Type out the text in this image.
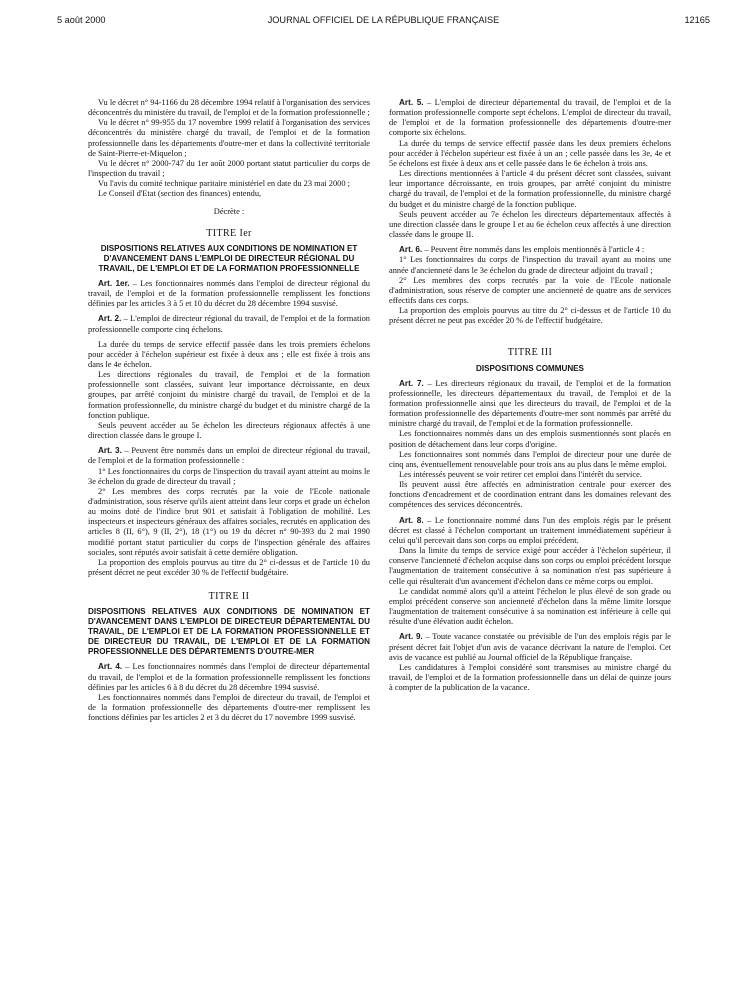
5 août 2000	JOURNAL OFFICIEL DE LA RÉPUBLIQUE FRANÇAISE	12165

Vu le décret n° 94-1166 du 28 décembre 1994 relatif à l'organisation des services déconcentrés du ministère du travail, de l'emploi et de la formation professionnelle ;

Vu le décret n° 99-955 du 17 novembre 1999 relatif à l'organisation des services déconcentrés du ministère chargé du travail, de l'emploi et de la formation professionnelle dans les départements d'outre-mer et dans la collectivité territoriale de Saint-Pierre-et-Miquelon ;

Vu le décret n° 2000-747 du 1er août 2000 portant statut particulier du corps de l'inspection du travail ;

Vu l'avis du comité technique paritaire ministériel en date du 23 mai 2000 ;

Le Conseil d'Etat (section des finances) entendu,

Décrète :

TITRE Ier
DISPOSITIONS RELATIVES AUX CONDITIONS DE NOMINATION ET D'AVANCEMENT DANS L'EMPLOI DE DIRECTEUR RÉGIONAL DU TRAVAIL, DE L'EMPLOI ET DE LA FORMATION PROFESSIONNELLE

Art. 1er. – Les fonctionnaires nommés dans l'emploi de directeur régional du travail, de l'emploi et de la formation professionnelle remplissent les fonctions définies par les articles 3 à 5 et 10 du décret du 28 décembre 1994 susvisé.

Art. 2. – L'emploi de directeur régional du travail, de l'emploi et de la formation professionnelle comporte cinq échelons.

La durée du temps de service effectif passée dans les trois premiers échelons pour accéder à l'échelon supérieur est fixée à deux ans ; elle est fixée à trois ans dans le 4e échelon.

Les directions régionales du travail, de l'emploi et de la formation professionnelle sont classées, suivant leur importance décroissante, en deux groupes, par arrêté conjoint du ministre chargé du travail, de l'emploi et de la formation professionnelle, du ministre chargé du budget et du ministre chargé de la fonction publique.

Seuls peuvent accéder au 5e échelon les directeurs régionaux affectés à une direction classée dans le groupe I.

Art. 3. – Peuvent être nommés dans un emploi de directeur régional du travail, de l'emploi et de la formation professionnelle :

1° Les fonctionnaires du corps de l'inspection du travail ayant atteint au moins le 3e échelon du grade de directeur du travail ;

2° Les membres des corps recrutés par la voie de l'Ecole nationale d'administration, sous réserve qu'ils aient atteint dans leur corps et grade un échelon au moins doté de l'indice brut 901 et satisfait à l'obligation de mobilité. Les inspecteurs et inspecteurs généraux des affaires sociales, recrutés en application des articles 8 (II, 6°), 9 (II, 2°), 18 (1°) ou 19 du décret n° 90-393 du 2 mai 1990 modifié portant statut particulier du corps de l'inspection générale des affaires sociales, sont réputés avoir satisfait à cette dernière obligation.

La proportion des emplois pourvus au titre du 2° ci-dessus et de l'article 10 du présent décret ne peut excéder 30 % de l'effectif budgétaire.

TITRE II
DISPOSITIONS RELATIVES AUX CONDITIONS DE NOMINATION ET D'AVANCEMENT DANS L'EMPLOI DE DIRECTEUR DÉPARTEMENTAL DU TRAVAIL, DE L'EMPLOI ET DE LA FORMATION PROFESSIONNELLE ET DE DIRECTEUR DU TRAVAIL, DE L'EMPLOI ET DE LA FORMATION PROFESSIONNELLE DES DÉPARTEMENTS D'OUTRE-MER

Art. 4. – Les fonctionnaires nommés dans l'emploi de directeur départemental du travail, de l'emploi et de la formation professionnelle remplissent les fonctions définies par les articles 6 à 8 du décret du 28 décembre 1994 susvisé.

Les fonctionnaires nommés dans l'emploi de directeur du travail, de l'emploi et de la formation professionnelle des départements d'outre-mer remplissent les fonctions définies par les articles 2 et 3 du décret du 17 novembre 1999 susvisé.

Art. 5. – L'emploi de directeur départemental du travail, de l'emploi et de la formation professionnelle comporte sept échelons. L'emploi de directeur du travail, de l'emploi et de la formation professionnelle des départements d'outre-mer comporte six échelons.

La durée du temps de service effectif passée dans les deux premiers échelons pour accéder à l'échelon supérieur est fixée à un an ; celle passée dans les 3e, 4e et 5e échelons est fixée à deux ans et celle passée dans le 6e échelon à trois ans.

Les directions mentionnées à l'article 4 du présent décret sont classées, suivant leur importance décroissante, en trois groupes, par arrêté conjoint du ministre chargé du travail, de l'emploi et de la formation professionnelle, du ministre chargé du budget et du ministre chargé de la fonction publique.

Seuls peuvent accéder au 7e échelon les directeurs départementaux affectés à une direction classée dans le groupe I et au 6e échelon ceux affectés à une direction classée dans le groupe II.

Art. 6. – Peuvent être nommés dans les emplois mentionnés à l'article 4 :

1° Les fonctionnaires du corps de l'inspection du travail ayant au moins une année d'ancienneté dans le 3e échelon du grade de directeur adjoint du travail ;

2° Les membres des corps recrutés par la voie de l'Ecole nationale d'administration, sous réserve de compter une ancienneté de quatre ans de services effectifs dans ces corps.

La proportion des emplois pourvus au titre du 2° ci-dessus et de l'article 10 du présent décret ne peut pas excéder 20 % de l'effectif budgétaire.

TITRE III
DISPOSITIONS COMMUNES

Art. 7. – Les directeurs régionaux du travail, de l'emploi et de la formation professionnelle, les directeurs départementaux du travail, de l'emploi et de la formation professionnelle ainsi que les directeurs du travail, de l'emploi et de la formation professionnelle des départements d'outre-mer sont nommés par arrêté du ministre chargé du travail, de l'emploi et de la formation professionnelle.

Les fonctionnaires nommés dans un des emplois susmentionnés sont placés en position de détachement dans leur corps d'origine.

Les fonctionnaires sont nommés dans l'emploi de directeur pour une durée de cinq ans, éventuellement renouvelable pour trois ans au plus dans le même emploi.

Les intéressés peuvent se voir retirer cet emploi dans l'intérêt du service.

Ils peuvent aussi être affectés en administration centrale pour exercer des fonctions d'encadrement et de coordination entrant dans les domaines relevant des compétences des services déconcentrés.

Art. 8. – Le fonctionnaire nommé dans l'un des emplois régis par le présent décret est classé à l'échelon comportant un traitement immédiatement supérieur à celui qu'il percevait dans son corps ou emploi précédent.

Dans la limite du temps de service exigé pour accéder à l'échelon supérieur, il conserve l'ancienneté d'échelon acquise dans son corps ou emploi précédent lorsque l'augmentation de traitement consécutive à sa nomination n'est pas supérieure à celle qui résulterait d'un avancement d'échelon dans ce même corps ou emploi.

Le candidat nommé alors qu'il a atteint l'échelon le plus élevé de son grade ou emploi précédent conserve son ancienneté d'échelon dans la même limite lorsque l'augmentation de traitement consécutive à sa nomination est inférieure à celle qui résulte d'une élévation audit échelon.

Art. 9. – Toute vacance constatée ou prévisible de l'un des emplois régis par le présent décret fait l'objet d'un avis de vacance décrivant la nature de l'emploi. Cet avis de vacance est publié au Journal officiel de la République française.

Les candidatures à l'emploi considéré sont transmises au ministre chargé du travail, de l'emploi et de la formation professionnelle dans un délai de quinze jours à compter de la publication de la vacance.
